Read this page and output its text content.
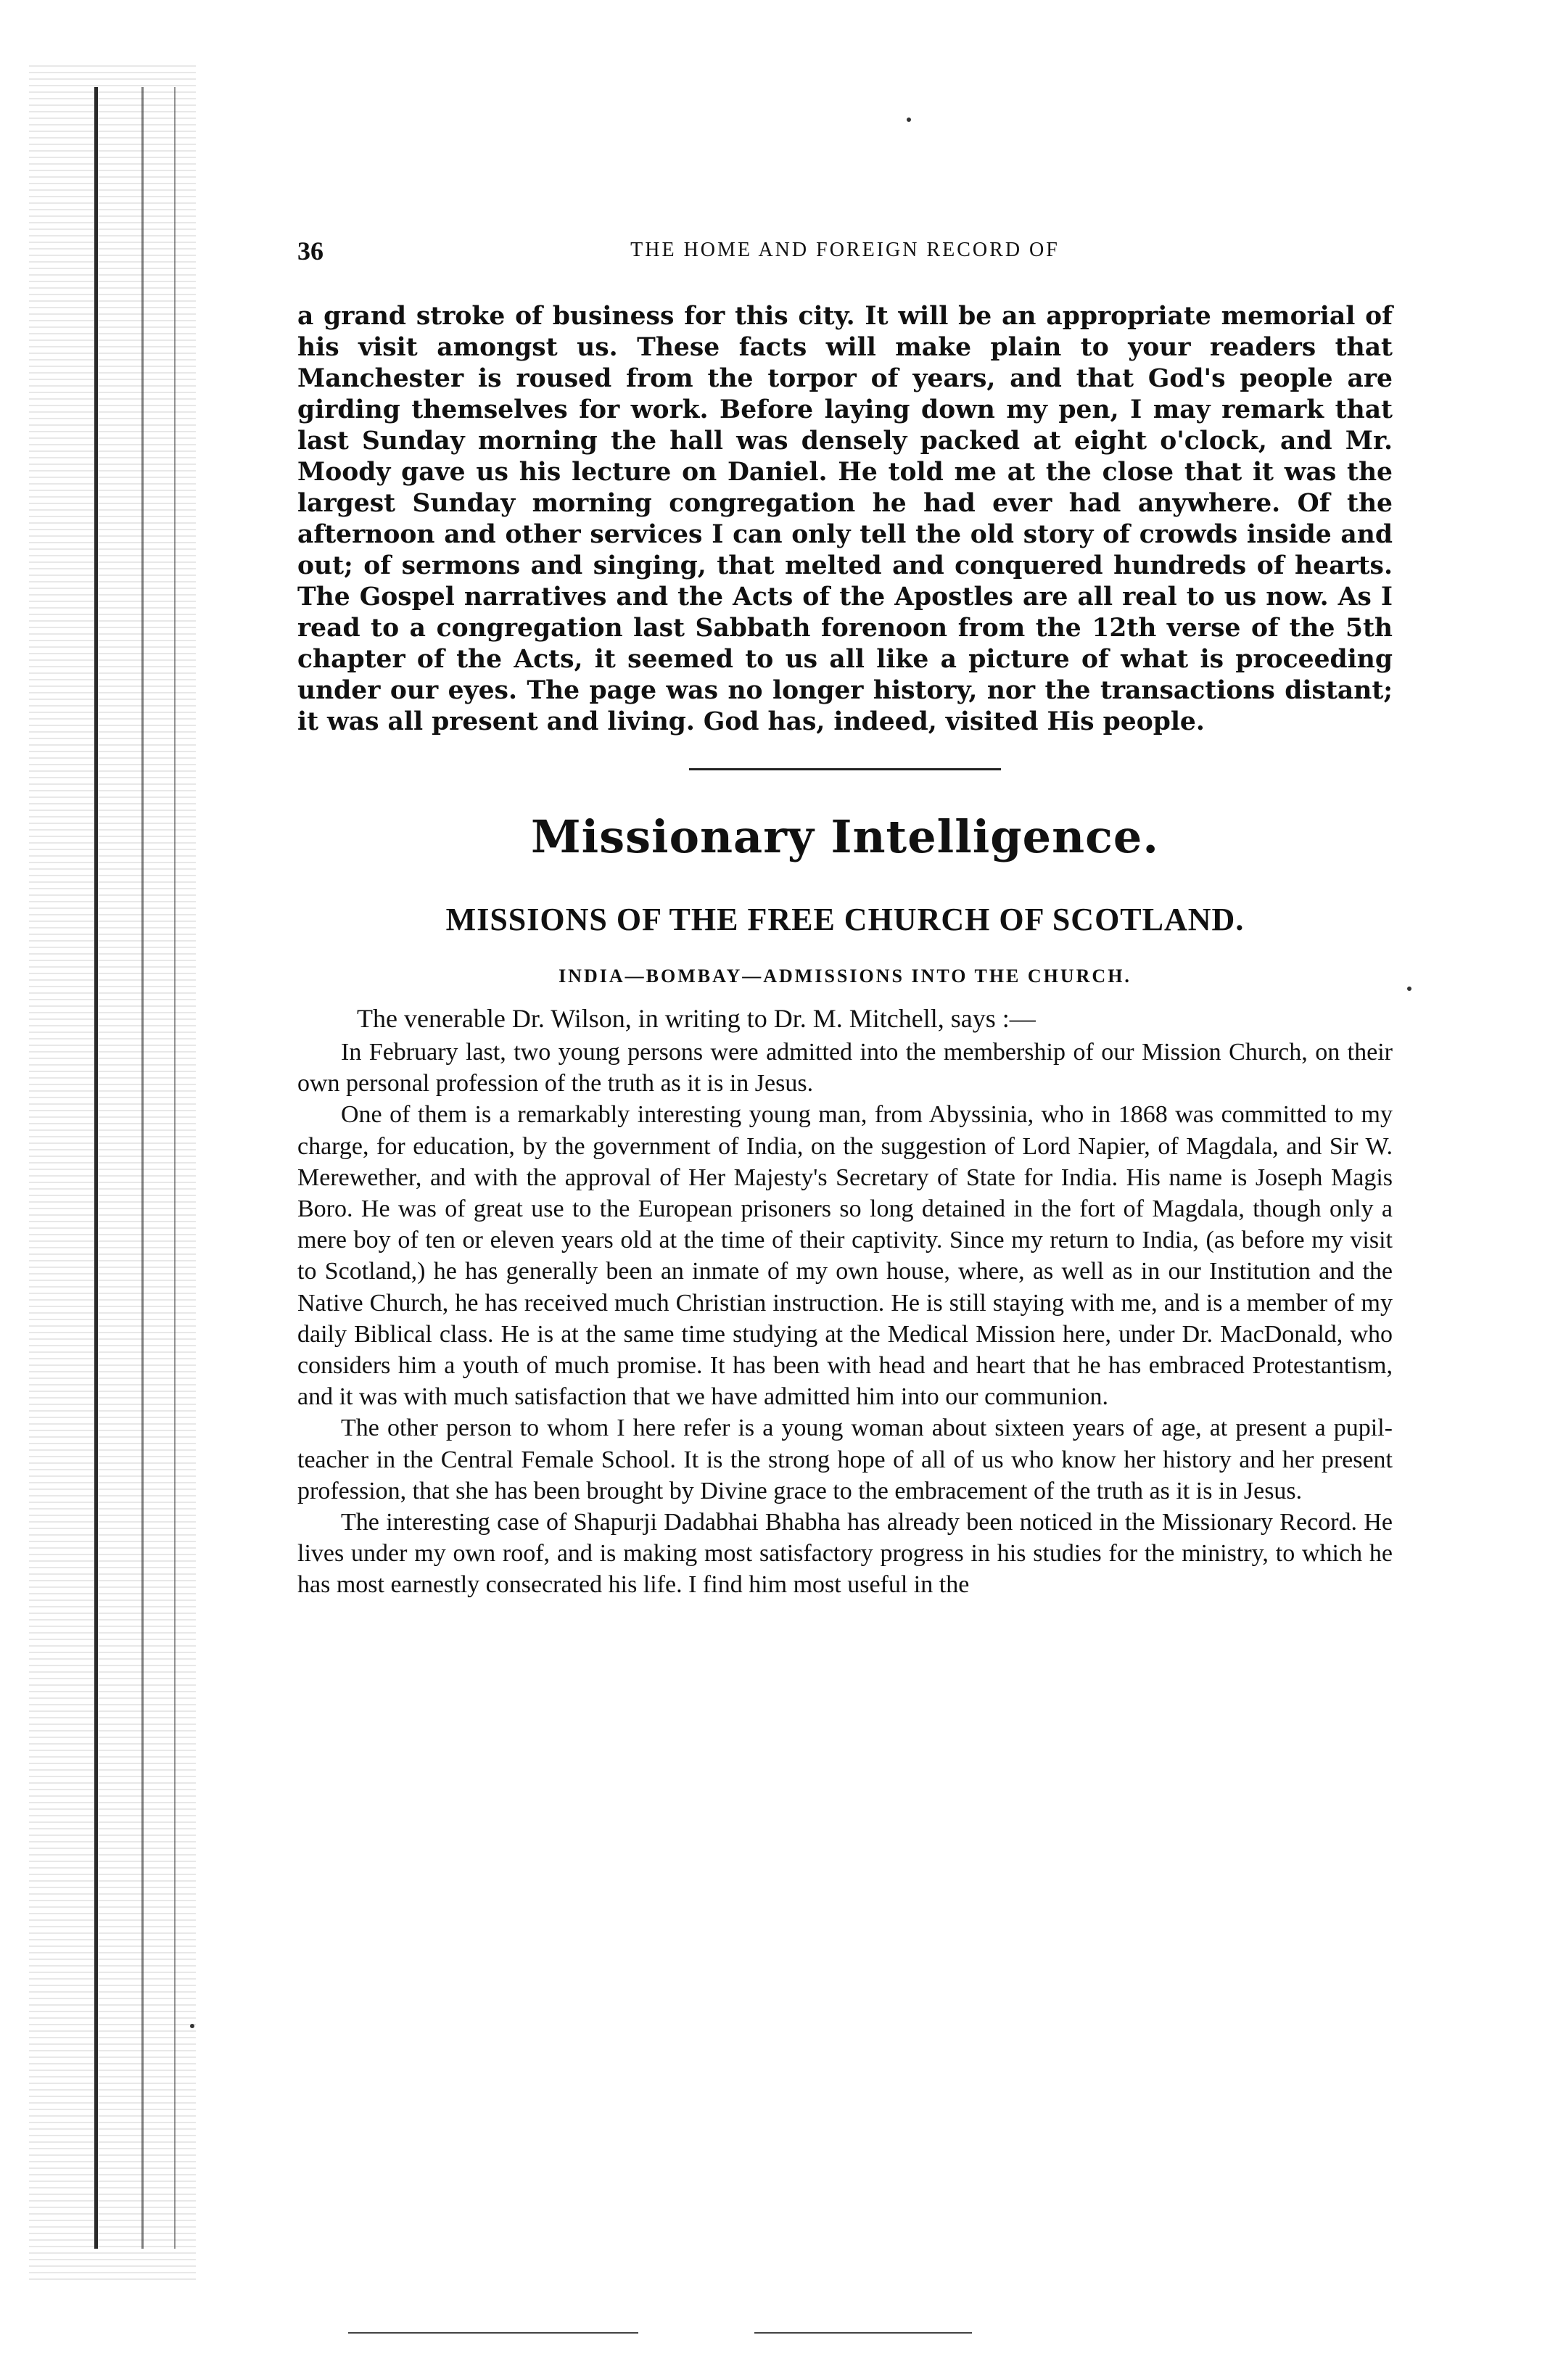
36	THE HOME AND FOREIGN RECORD OF

a grand stroke of business for this city. It will be an appropriate memorial of his visit amongst us. These facts will make plain to your readers that Manchester is roused from the torpor of years, and that God's people are girding themselves for work. Before laying down my pen, I may remark that last Sunday morning the hall was densely packed at eight o'clock, and Mr. Moody gave us his lecture on Daniel. He told me at the close that it was the largest Sunday morning congregation he had ever had anywhere. Of the afternoon and other services I can only tell the old story of crowds inside and out; of sermons and singing, that melted and conquered hundreds of hearts. The Gospel narratives and the Acts of the Apostles are all real to us now. As I read to a congregation last Sabbath forenoon from the 12th verse of the 5th chapter of the Acts, it seemed to us all like a picture of what is proceeding under our eyes. The page was no longer history, nor the transactions distant; it was all present and living. God has, indeed, visited His people.

Missionary Intelligence.
MISSIONS OF THE FREE CHURCH OF SCOTLAND.
INDIA—BOMBAY—ADMISSIONS INTO THE CHURCH.

The venerable Dr. Wilson, in writing to Dr. M. Mitchell, says :—

In February last, two young persons were admitted into the membership of our Mission Church, on their own personal profession of the truth as it is in Jesus.

One of them is a remarkably interesting young man, from Abyssinia, who in 1868 was committed to my charge, for education, by the government of India, on the suggestion of Lord Napier, of Magdala, and Sir W. Merewether, and with the approval of Her Majesty's Secretary of State for India. His name is Joseph Magis Boro. He was of great use to the European prisoners so long detained in the fort of Magdala, though only a mere boy of ten or eleven years old at the time of their captivity. Since my return to India, (as before my visit to Scotland,) he has generally been an inmate of my own house, where, as well as in our Institution and the Native Church, he has received much Christian instruction. He is still staying with me, and is a member of my daily Biblical class. He is at the same time studying at the Medical Mission here, under Dr. MacDonald, who considers him a youth of much promise. It has been with head and heart that he has embraced Protestantism, and it was with much satisfaction that we have admitted him into our communion.

The other person to whom I here refer is a young woman about sixteen years of age, at present a pupil-teacher in the Central Female School. It is the strong hope of all of us who know her history and her present profession, that she has been brought by Divine grace to the embracement of the truth as it is in Jesus.

The interesting case of Shapurji Dadabhai Bhabha has already been noticed in the Missionary Record. He lives under my own roof, and is making most satisfactory progress in his studies for the ministry, to which he has most earnestly consecrated his life. I find him most useful in the
